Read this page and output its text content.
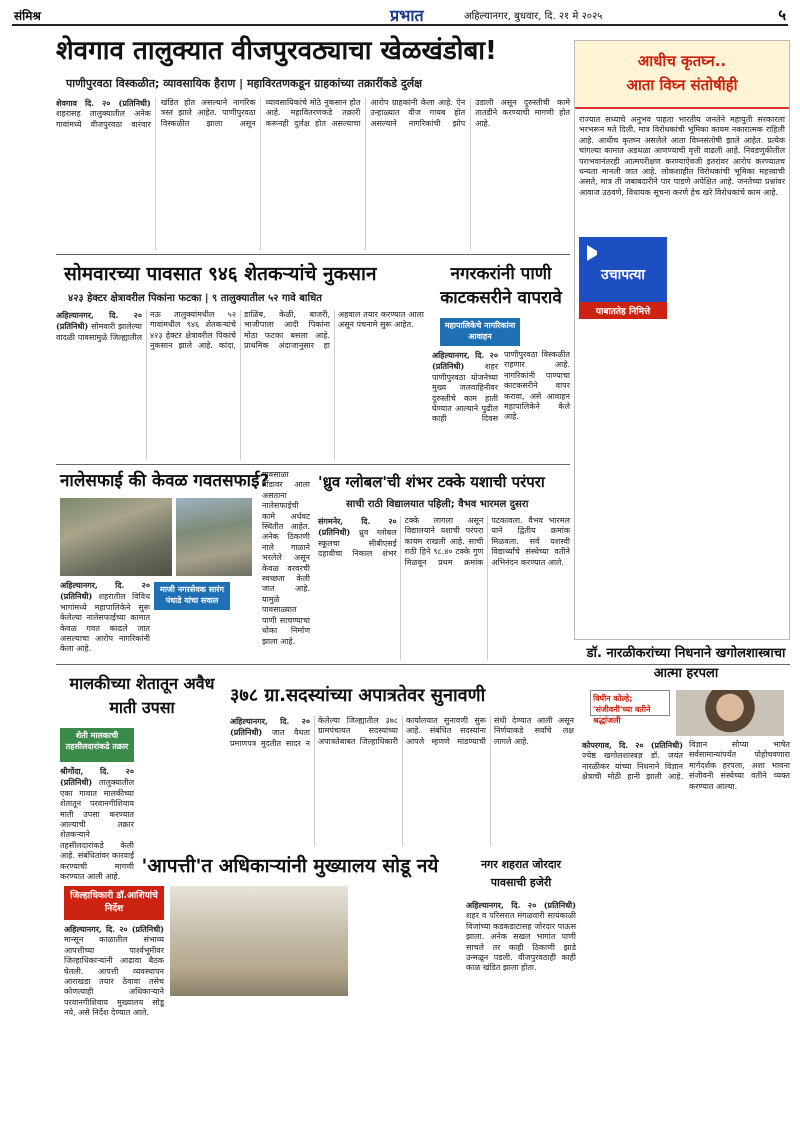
संमिश्र	प्रभात	अहिल्यानगर, बुधवार, दि. २१ मे २०२५	५
शेवगाव तालुक्यात वीजपुरवठ्याचा खेळखंडोबा!
पाणीपुरवठा विस्कळीत; व्यावसायिक हैराण | महाविरतणकडून ग्राहकांच्या तक्रारींकडे दुर्लक्ष
शेवगाव दि. २० (प्रतिनिधी) शहरासह तालुक्यातील अनेक गावांमध्ये वीजपुरवठा वारंवार खंडित होत असल्याने नागरिक त्रस्त झाले आहेत. पाणीपुरवठा विस्कळीत झाला असून व्यावसायिकांचे मोठे नुकसान होत आहे. महावितरणकडे तक्रारी करूनही दुर्लक्ष होत असल्याचा आरोप ग्राहकांनी केला आहे. ऐन उन्हाळ्यात वीज गायब होत असल्याने नागरिकांची झोप उडाली असून दुरुस्तीची कामे तातडीने करण्याची मागणी होत आहे.
सोमवारच्या पावसात ९४६ शेतकऱ्यांचे नुकसान
४२३ हेक्टर क्षेत्रावरील पिकांना फटका | ९ तालुक्यातील ५२ गावे बाधित
अहिल्यानगर, दि. २० (प्रतिनिधी) सोमवारी झालेल्या वादळी पावसामुळे जिल्ह्यातील नऊ तालुक्यांमधील ५२ गावांमधील ९४६ शेतकऱ्यांचे ४२३ हेक्टर क्षेत्रावरील पिकांचे नुकसान झाले आहे. कांदा, डाळिंब, केळी, बाजरी, भाजीपाला आदी पिकांना मोठा फटका बसला आहे. प्राथमिक अंदाजानुसार हा अहवाल तयार करण्यात आला असून पंचनामे सुरू आहेत.
नगरकरांनी पाणी काटकसरीने वापरावे
महापालिकेचे नागरिकांना आवाहन
अहिल्यानगर, दि. २० (प्रतिनिधी)	शहर पाणीपुरवठा योजनेच्या मुख्य जलवाहिनीवर दुरुस्तीचे काम हाती घेण्यात आल्याने पुढील काही दिवस पाणीपुरवठा विस्कळीत राहणार आहे. नागरिकांनी पाण्याचा काटकसरीने वापर करावा, असे आवाहन महापालिकेने केले आहे.
आधीच कृतघ्न..
आता विघ्न संतोषीही
राज्यात सध्याचे अनुभव पाहता भारतीय जनतेने महायुती सरकारला भरभरून मते दिली. मात्र विरोधकांची भूमिका कायम नकारात्मक राहिली आहे. आधीच कृतघ्न असलेले आता विघ्नसंतोषी झाले आहेत. प्रत्येक चांगल्या कामात अडथळा आणण्याची वृत्ती वाढली आहे. निवडणुकीतील पराभवानंतरही आत्मपरीक्षण करण्याऐवजी इतरांवर आरोप करण्यातच धन्यता मानली जात आहे. लोकशाहीत विरोधकांची भूमिका महत्त्वाची असते, मात्र ती जबाबदारीने पार पाडणे अपेक्षित आहे. जनतेच्या प्रश्नांवर आवाज उठवणे, विधायक सूचना करणे हेच खरे विरोधकांचे काम आहे.
उचापत्या
याबाततेह निमित्ते
नालेसफाई की केवळ गवतसफाई?
अहिल्यानगर, दि. २० (प्रतिनिधी) शहरातील विविध भागांमध्ये महापालिकेने सुरू केलेल्या नालेसफाईच्या कामात केवळ गवत काढले जात असल्याचा आरोप नागरिकांनी केला आहे.
माजी नगरसेवक सारंग पंधाडे यांचा सवाल
पावसाळा तोंडावर आला असताना नालेसफाईची कामे अर्धवट स्थितीत आहेत. अनेक ठिकाणी नाले गाळाने भरलेले असून केवळ वरवरची स्वच्छता केली जात आहे. यामुळे पावसाळ्यात पाणी साचण्याचा धोका निर्माण झाला आहे.
'ध्रुव ग्लोबल'ची शंभर टक्के यशाची परंपरा
साची राठी विद्यालयात पहिली; वैभव भारमल दुसरा
संगमनेर, दि. २० (प्रतिनिधी) ध्रुव ग्लोबल स्कूलचा सीबीएसई दहावीचा निकाल शंभर टक्के लागला असून विद्यालयाने यशाची परंपरा कायम राखली आहे. साची राठी हिने ९८.४० टक्के गुण मिळवून प्रथम क्रमांक पटकावला. वैभव भारमल याने द्वितीय क्रमांक मिळवला. सर्व यशस्वी विद्यार्थ्यांचे संस्थेच्या वतीने अभिनंदन करण्यात आले.
मालकीच्या शेतातून अवैध माती उपसा
शेती मालकाची तहसीलदारांकडे तक्रार
श्रीगोंदा, दि. २० (प्रतिनिधी) तालुक्यातील एका गावात मालकीच्या शेतातून परवानगीशिवाय माती उपसा करण्यात आल्याची तक्रार शेतकऱ्याने तहसीलदारांकडे केली आहे. संबंधितांवर कारवाई करण्याची मागणी करण्यात आली आहे.
३७८ ग्रा.सदस्यांच्या अपात्रतेवर सुनावणी
अहिल्यानगर, दि. २० (प्रतिनिधी) जात वैधता प्रमाणपत्र मुदतीत सादर न केलेल्या जिल्ह्यातील ३७८ ग्रामपंचायत सदस्यांच्या अपात्रतेबाबत जिल्हाधिकारी कार्यालयात सुनावणी सुरू आहे. संबंधित सदस्यांना आपले म्हणणे मांडण्याची संधी देण्यात आली असून निर्णयाकडे सर्वांचे लक्ष लागले आहे.
डॉ. नारळीकरांच्या निधनाने खगोलशास्त्राचा आत्मा हरपला
विपीन कोल्हे; 'संजीवनी'च्या वतीने श्रद्धांजली
कोपरगाव, दि. २० (प्रतिनिधी) ज्येष्ठ खगोलशास्त्रज्ञ डॉ. जयंत नारळीकर यांच्या निधनाने विज्ञान क्षेत्राची मोठी हानी झाली आहे. विज्ञान सोप्या भाषेत सर्वसामान्यांपर्यंत पोहोचवणारा मार्गदर्शक हरपला, अशा भावना संजीवनी संस्थेच्या वतीने व्यक्त करण्यात आल्या.
'आपत्ती'त अधिकाऱ्यांनी मुख्यालय सोडू नये
जिल्हाधिकारी डॉ.आशियांचे निर्देश
अहिल्यानगर, दि. २० (प्रतिनिधी) मान्सून काळातील संभाव्य आपत्तीच्या पार्श्वभूमीवर जिल्हाधिकाऱ्यांनी आढावा बैठक घेतली. आपत्ती व्यवस्थापन आराखडा तयार ठेवावा तसेच कोणत्याही अधिकाऱ्याने परवानगीशिवाय मुख्यालय सोडू नये, असे निर्देश देण्यात आले.
नगर शहरात जोरदार पावसाची हजेरी
अहिल्यानगर, दि. २० (प्रतिनिधी) शहर व परिसरात मंगळवारी सायंकाळी विजांच्या कडकडाटासह जोरदार पाऊस झाला. अनेक सखल भागांत पाणी साचले तर काही ठिकाणी झाडे उन्मळून पडली. वीजपुरवठाही काही काळ खंडित झाला होता.
